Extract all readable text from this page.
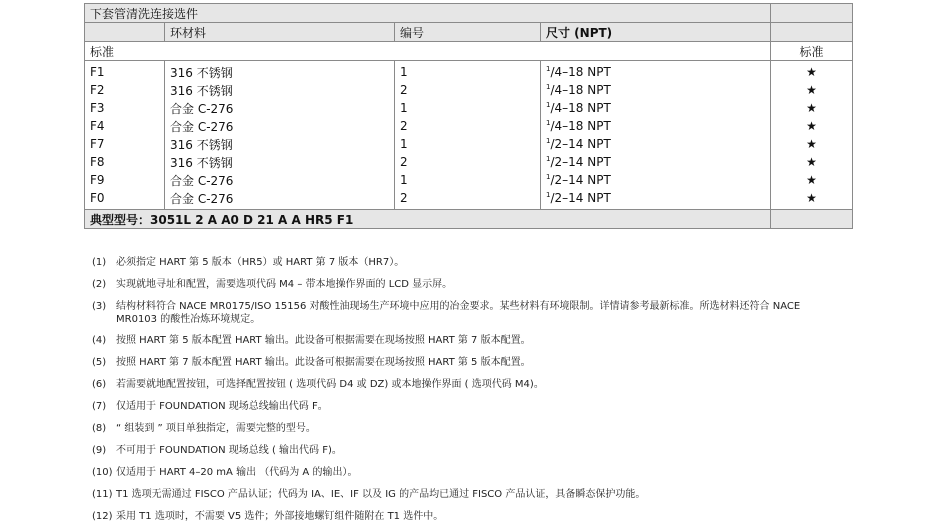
下套管清洗连接选件				
	环材料	编号	尺寸 (NPT)	
标准				标准
F1	316 不锈钢	1	$^1$/4–18 NPT	★
F2	316 不锈钢	2	$^1$/4–18 NPT	★
F3	合金 C-276	1	$^1$/4–18 NPT	★
F4	合金 C-276	2	$^1$/4–18 NPT	★
F7	316 不锈钢	1	$^1$/2–14 NPT	★
F8	316 不锈钢	2	$^1$/2–14 NPT	★
F9	合金 C-276	1	$^1$/2–14 NPT	★
F0	合金 C-276	2	$^1$/2–14 NPT	★
典型型号：3051L 2 A A0 D 21 A A HR5 F1				
(1) 必须指定 HART 第 5 版本（HR5）或 HART 第 7 版本（HR7）。
(2) 实现就地寻址和配置，需要选项代码 M4 – 带本地操作界面的 LCD 显示屏。
(3) 结构材料符合 NACE MR0175/ISO 15156 对酸性油现场生产环境中应用的冶金要求。某些材料有环境限制。详情请参考最新标准。所选材料还符合 NACE MR0103 的酸性冶炼环境规定。
(4) 按照 HART 第 5 版本配置 HART 输出。此设备可根据需要在现场按照 HART 第 7 版本配置。
(5) 按照 HART 第 7 版本配置 HART 输出。此设备可根据需要在现场按照 HART 第 5 版本配置。
(6) 若需要就地配置按钮，可选择配置按钮 ( 选项代码 D4 或 DZ) 或本地操作界面 ( 选项代码 M4)。
(7) 仅适用于 FOUNDATION 现场总线输出代码 F。
(8) “ 组装到 ” 项目单独指定，需要完整的型号。
(9) 不可用于 FOUNDATION 现场总线 ( 输出代码 F)。
(10) 仅适用于 HART 4–20 mA 输出 （代码为 A 的输出）。
(11) T1 选项无需通过 FISCO 产品认证；代码为 IA、IE、IF 以及 IG 的产品均已通过 FISCO 产品认证，具备瞬态保护功能。
(12) 采用 T1 选项时，不需要 V5 选件；外部接地螺钉组件随附在 T1 选件中。
